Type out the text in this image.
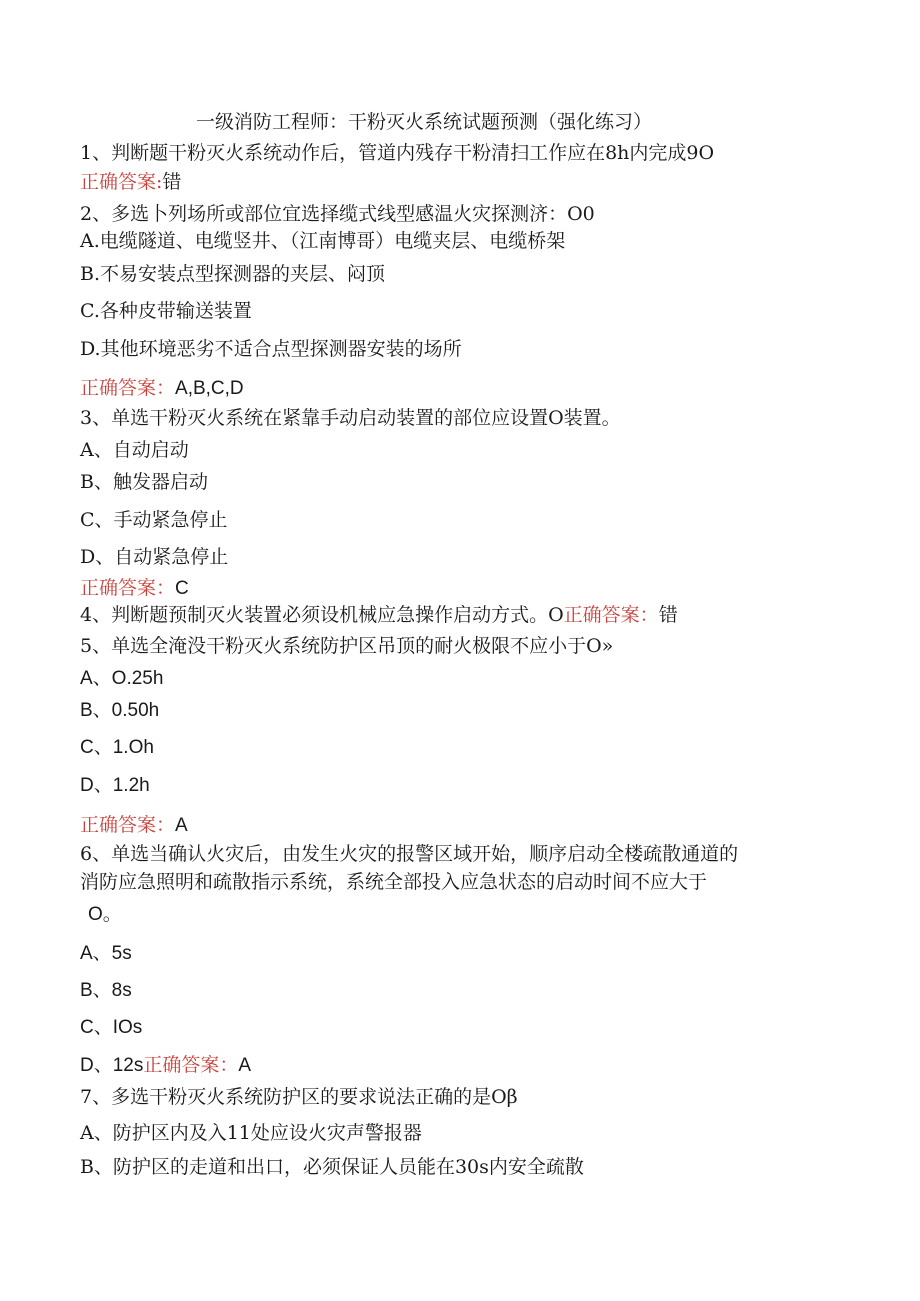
一级消防工程师：干粉灭火系统试题预测（强化练习）
1、判断题干粉灭火系统动作后，管道内残存干粉清扫工作应在8h内完成9O
正确答案:错
2、多选卜列场所或部位宜选择缆式线型感温火灾探测济：O0
A.电缆隧道、电缆竖井、（江南博哥）电缆夹层、电缆桥架
B.不易安装点型探测器的夹层、闷顶
C.各种皮带输送装置
D.其他环境恶劣不适合点型探测器安装的场所
正确答案：A,B,C,D
3、单选干粉灭火系统在紧靠手动启动装置的部位应设置O装置。
A、自动启动
B、触发器启动
C、手动紧急停止
D、自动紧急停止
正确答案：C
4、判断题预制灭火装置必须设机械应急操作启动方式。O正确答案：错
5、单选全淹没干粉灭火系统防护区吊顶的耐火极限不应小于O»
A、O.25h
B、0.50h
C、1.Oh
D、1.2h
正确答案：A
6、单选当确认火灾后，由发生火灾的报警区域开始，顺序启动全楼疏散通道的
消防应急照明和疏散指示系统，系统全部投入应急状态的启动时间不应大于
O。
A、5s
B、8s
C、IOs
D、12s正确答案：A
7、多选干粉灭火系统防护区的要求说法正确的是Oβ
A、防护区内及入11处应设火灾声警报器
B、防护区的走道和出口，必须保证人员能在30s内安全疏散
